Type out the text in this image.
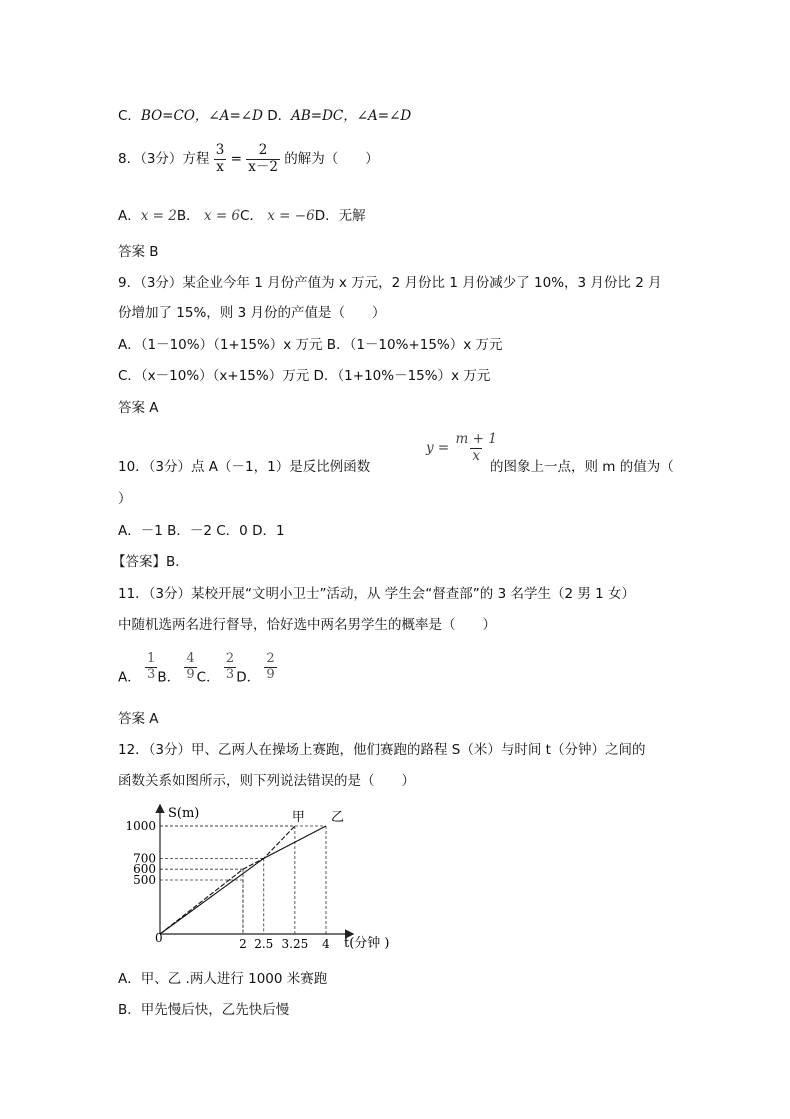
C．BO=CO，∠A=∠D D．AB=DC，∠A=∠D
8．（3分）方程 $\frac{3}{x} = \frac{2}{x-2}$ 的解为（　　）
A．x = 2B． x = 6C． x = −6D．无解
答案 B
9．（3分）某企业今年 1 月份产值为 x 万元，2 月份比 1 月份减少了 10%，3 月份比 2 月
份增加了 15%，则 3 月份的产值是（　　）
A．（1－10%）（1+15%）x 万元 B．（1－10%+15%）x 万元
C．（x－10%）（x+15%）万元 D．（1+10%－15%）x 万元
答案 A
10．（3分）点 A（－1，1）是反比例函数
$y = \frac{m + 1}{x}$
的图象上一点，则 m 的值为（
）
A．－1 B．－2 C．0 D．1
【答案】B．
11．（3分）某校开展“文明小卫士”活动，从 学生会“督查部”的 3 名学生（2 男 1 女）
中随机选两名进行督导，恰好选中两名男学生的概率是（　　）
A． $\frac{1}{3}$ B． $\frac{4}{9}$ C． $\frac{2}{3}$ D． $\frac{2}{9}$
答案 A
12．（3分）甲、乙两人在操场上赛跑，他们赛跑的路程 S（米）与时间 t（分钟）之间的
函数关系如图所示，则下列说法错误的是（　　）
S(m)
t(分钟 )
0	2 2.5 3.25 4
1000
700
600
500
甲 乙
A．甲、乙 .两人进行 1000 米赛跑
B．甲先慢后快，乙先快后慢
